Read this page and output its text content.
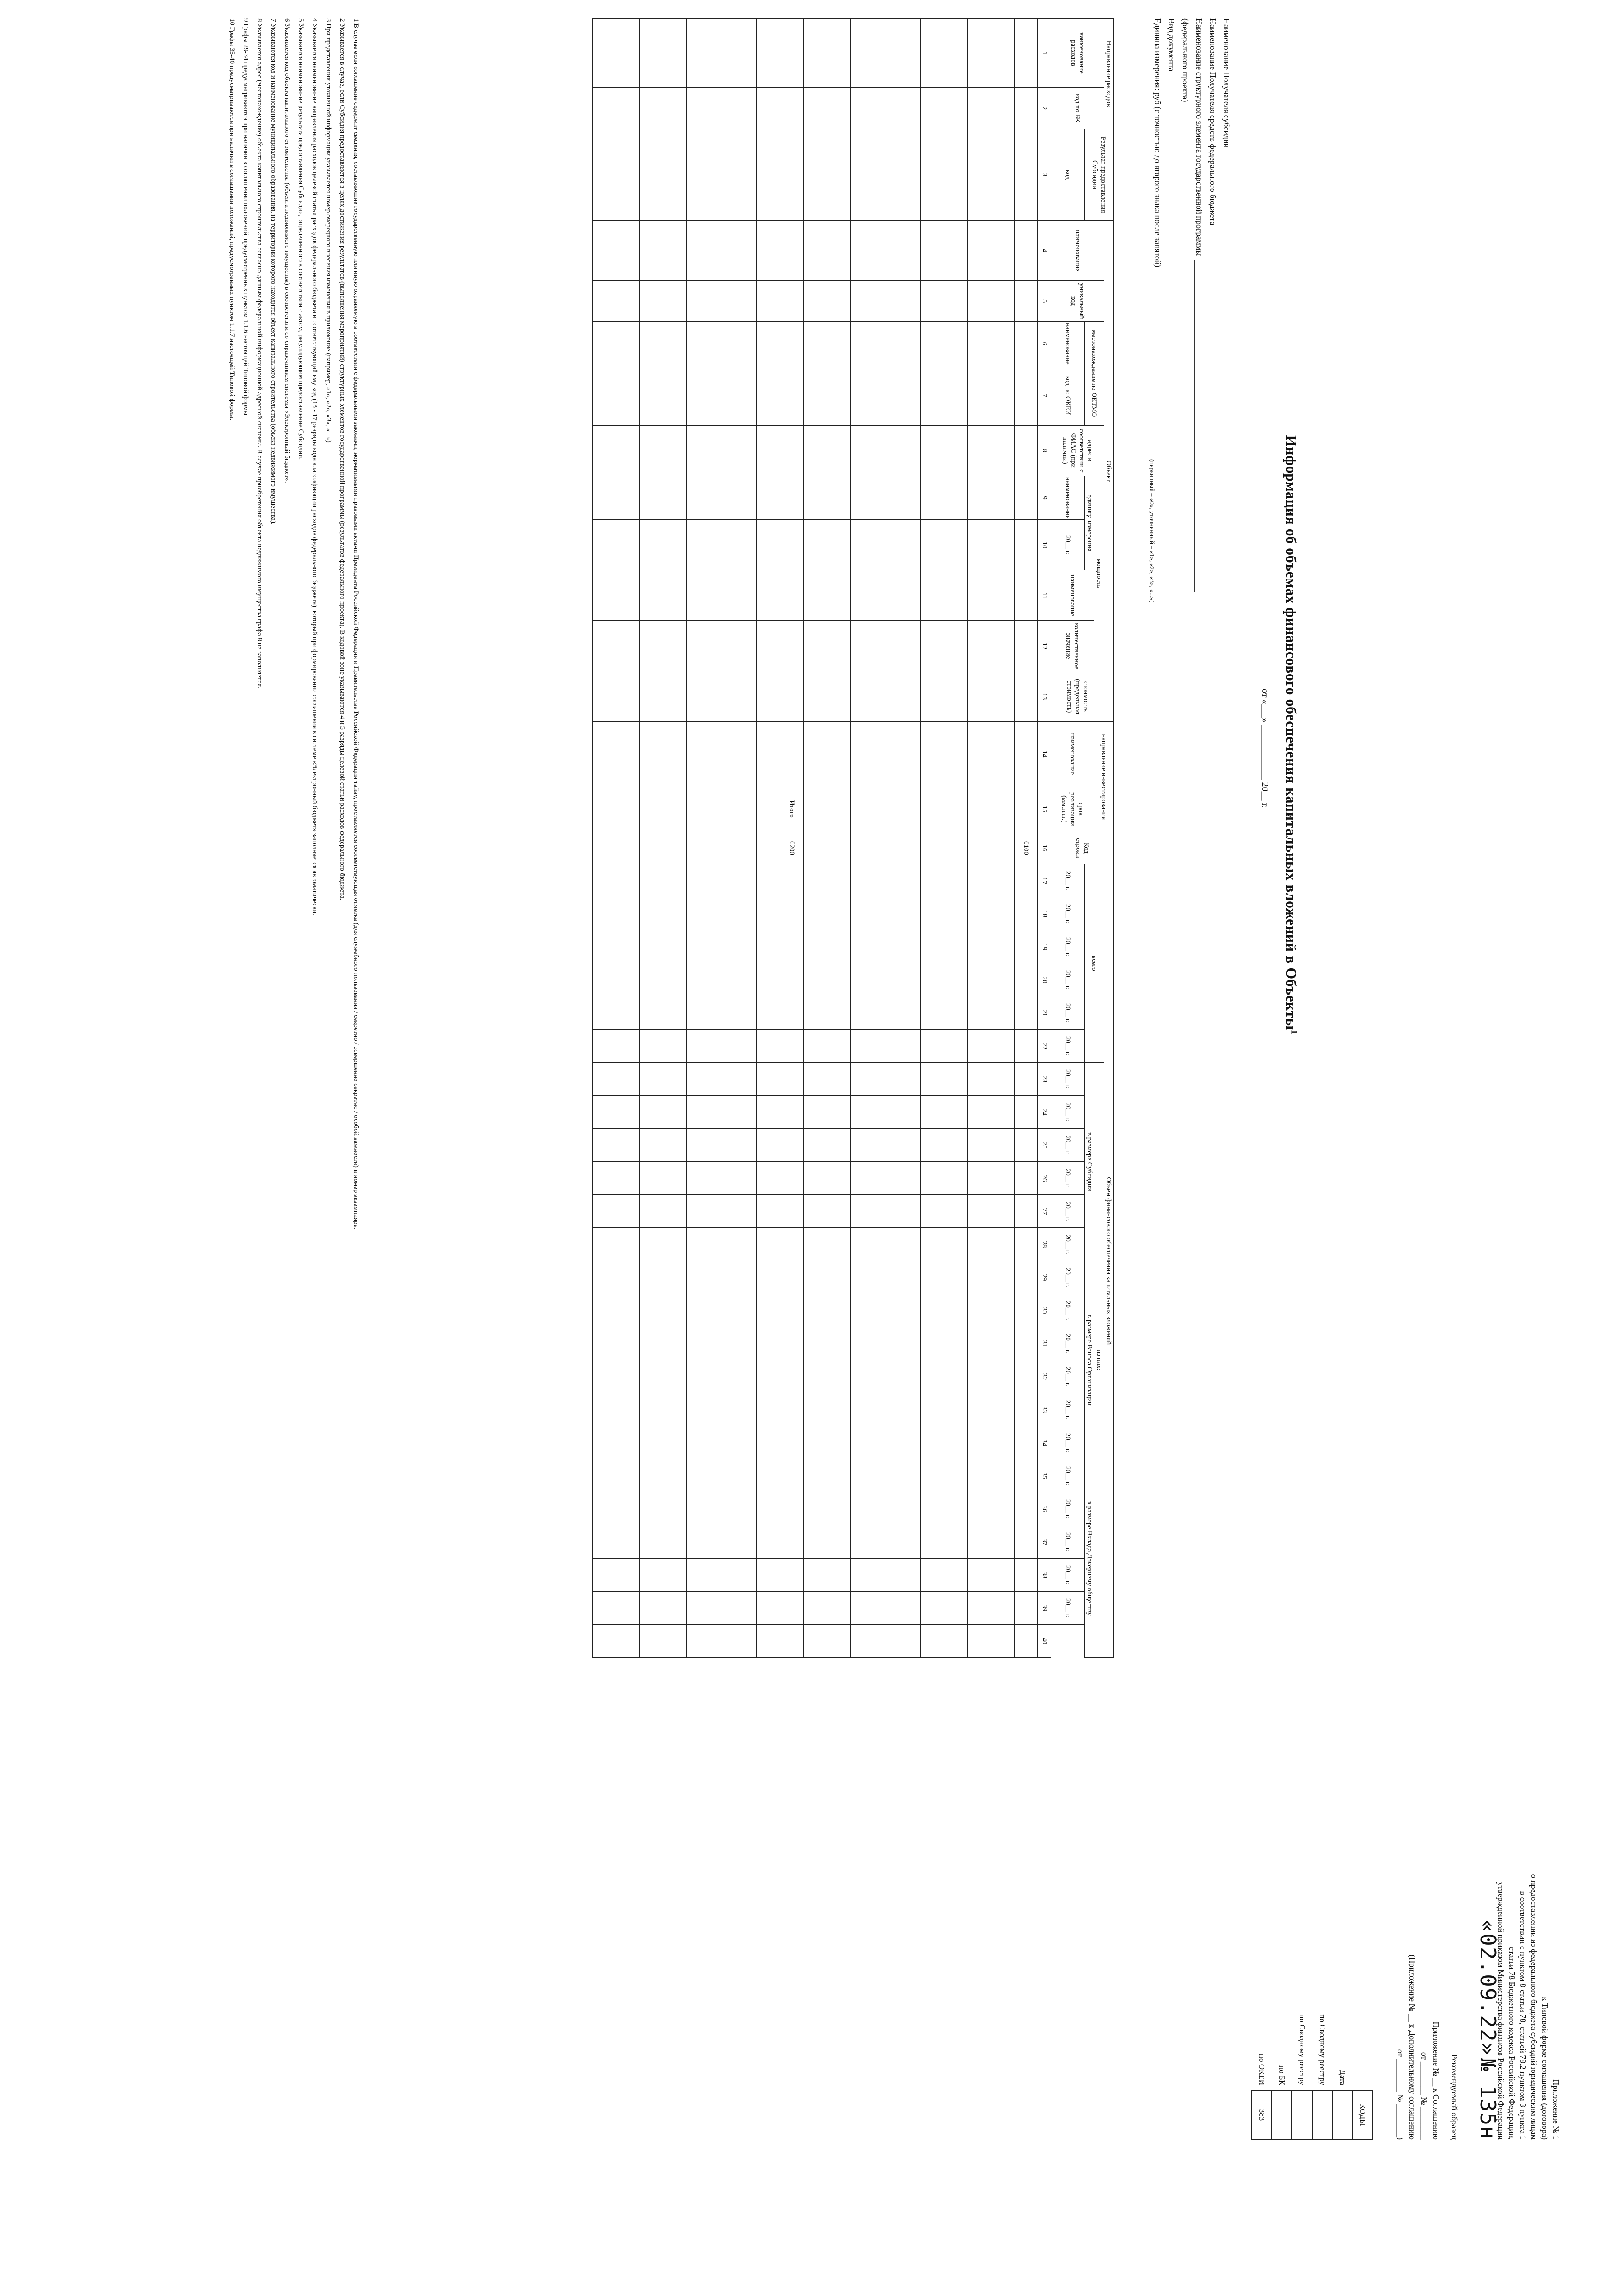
Приложение № 1
к Типовой форме соглашения (договора)
о предоставлении из федерального бюджета субсидий юридическим лицам
в соответствии с пунктом 8 статьи 78, статьей 78.2 пунктом 3 пункта 1
статьи 78 Бюджетного кодекса Российской Федерации,
утвержденной приказом Министерства финансов Российской Федерации
«02.09.22» № 135н
Рекомендуемый образец
Приложение № __ к Соглашению
от ________ № ________
(Приложение № __ к Дополнительному соглашению
от ________ № ________)
	КОДЫ
Дата	
по Сводному реестру	
по Сводному реестру	
по БК	
по ОКЕИ	383
Информация об объемах финансового обеспечения капитальных вложений в Объекты$^1$
от «___» ____________ 20__ г.
Наименование Получателя субсидии
Наименование Получателя средств федерального бюджета
Наименование структурного элемента государственной программы
(федерального проекта)
Вид документа
Единица измерения: руб (с точностью до второго знака после запятой)
(первичный – «0», уточненный – «1», «2», «3», «...»)
Направление расходов		Результат предоставления Субсидии	Объект										направление инвестирования		Код строки	Объем финансового обеспечения капитальных вложений																							
наименование расходов	код по БК		наименование	уникальный код	местонахождение по ОКТМО		адрес в соответствии с ФИАС (при наличии)	мощность				стоимость (предельная стоимость)				всего						из них:																	
								единица измерения		наименование	количественное значение		наименование	срок реализации (мм.гггг.)								в размере Субсидии						в размере Взноса Организации						в размере Вклада Дочернему обществу					
		код			наименование	код по ОКЕИ		наименование	20__ г.							20__ г.	20__ г.	20__ г.	20__ г.	20__ г.	20__ г.	20__ г.	20__ г.	20__ г.	20__ г.	20__ г.	20__ г.	20__ г.	20__ г.	20__ г.	20__ г.	20__ г.	20__ г.	20__ г.	20__ г.	20__ г.	20__ г.	20__ г.	
1	2	3	4	5	6	7	8	9	10	11	12	13	14	15	16	17	18	19	20	21	22	23	24	25	26	27	28	29	30	31	32	33	34	35	36	37	38	39	40
															0100																								

														Итого	0200																								

1 В случае если соглашение содержит сведения, составляющие государственную или иную охраняемую в соответствии с федеральными законами, нормативными правовыми актами Президента Российской Федерации и Правительства Российской Федерации тайну, проставляется соответствующая отметка (для служебного пользования / секретно / совершенно секретно / особой важности) и номер экземпляра.
2 Указывается в случае, если Субсидия предоставляется в целях достижения результатов (выполнения мероприятий) структурных элементов государственной программы (результатов федерального проекта). В кодовой зоне указываются 4 и 5 разряды целевой статьи расходов федерального бюджета.
3 При представлении уточненной информации указывается номер очередного внесения изменения в приложение (например, «1», «2», «3», «...»).
4 Указывается наименование направления расходов целевой статьи расходов федерального бюджета и соответствующий ему код (13 - 17 разряды кода классификации расходов федерального бюджета), который при формировании соглашения в системе «Электронный бюджет» заполняется автоматически.
5 Указывается наименование результата предоставления Субсидии, определенного в соответствии с актом, регулирующим предоставление Субсидии.
6 Указывается код объекта капитального строительства (объекта недвижимого имущества) в соответствии со справочником системы «Электронный бюджет».
7 Указываются код и наименование муниципального образования, на территории которого находится объект капитального строительства (объект недвижимого имущества).
8 Указывается адрес (местонахождение) объекта капитального строительства согласно данным федеральной информационной адресной системы. В случае приобретения объекта недвижимого имущества графа 8 не заполняется.
9 Графы 29-34 предусматриваются при наличии в соглашении положений, предусмотренных пунктом 1.1.6 настоящей Типовой формы.
10 Графы 35-40 предусматриваются при наличии в соглашении положений, предусмотренных пунктом 1.1.7 настоящей Типовой формы.
